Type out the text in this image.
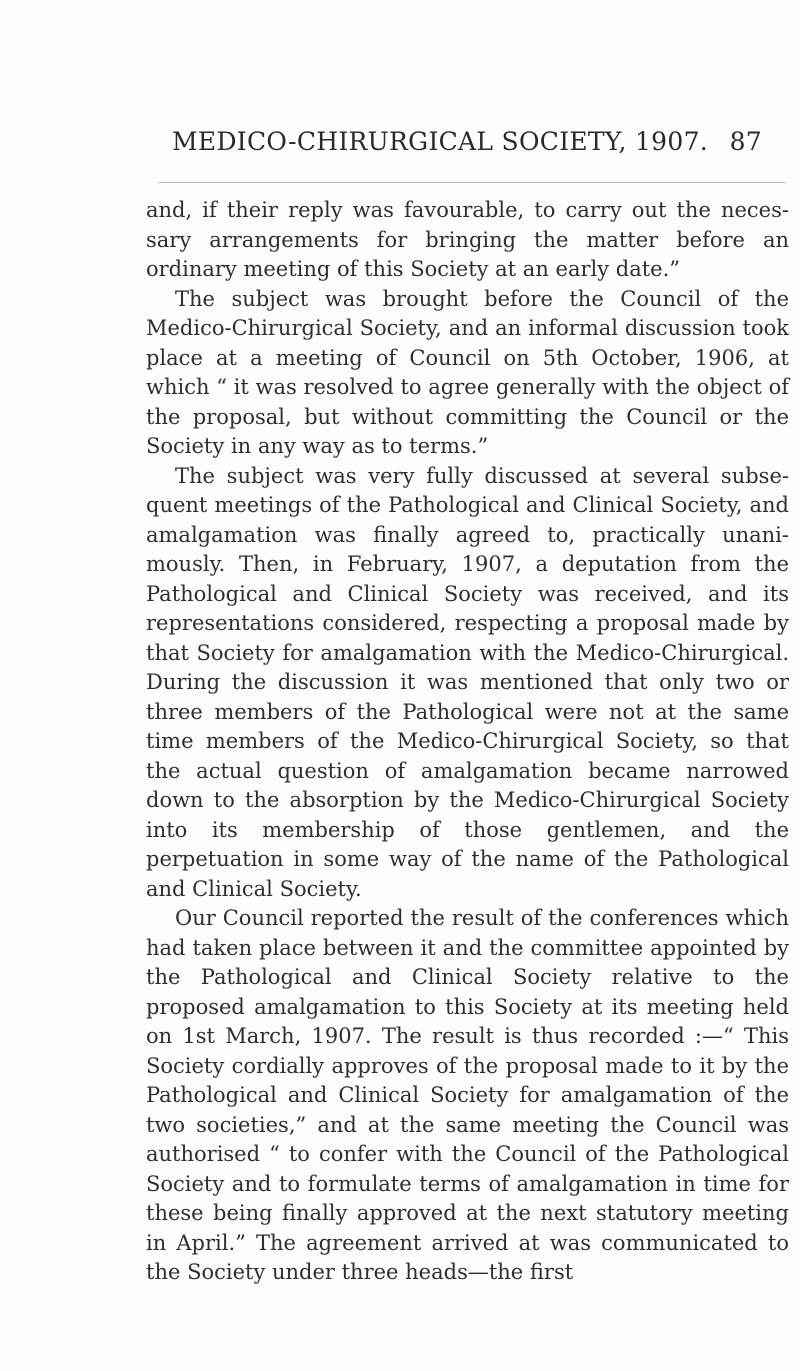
MEDICO-CHIRURGICAL SOCIETY, 1907. 87

and, if their reply was favourable, to carry out the necessary arrangements for bringing the matter before an ordinary meeting of this Society at an early date.”

The subject was brought before the Council of the Medico-Chirurgical Society, and an informal discussion took place at a meeting of Council on 5th October, 1906, at which “ it was resolved to agree generally with the object of the proposal, but without committing the Council or the Society in any way as to terms.”

The subject was very fully discussed at several subsequent meetings of the Pathological and Clinical Society, and amalgamation was finally agreed to, practically unanimously. Then, in February, 1907, a deputation from the Pathological and Clinical Society was received, and its representations considered, respecting a proposal made by that Society for amalgamation with the Medico-Chirurgical. During the discussion it was mentioned that only two or three members of the Pathological were not at the same time members of the Medico-Chirurgical Society, so that the actual question of amalgamation became narrowed down to the absorption by the Medico-Chirurgical Society into its membership of those gentlemen, and the perpetuation in some way of the name of the Pathological and Clinical Society.

Our Council reported the result of the conferences which had taken place between it and the committee appointed by the Pathological and Clinical Society relative to the proposed amalgamation to this Society at its meeting held on 1st March, 1907. The result is thus recorded :—“ This Society cordially approves of the proposal made to it by the Pathological and Clinical Society for amalgamation of the two societies,” and at the same meeting the Council was authorised “ to confer with the Council of the Pathological Society and to formulate terms of amalgamation in time for these being finally approved at the next statutory meeting in April.” The agreement arrived at was communicated to the Society under three heads—the first
